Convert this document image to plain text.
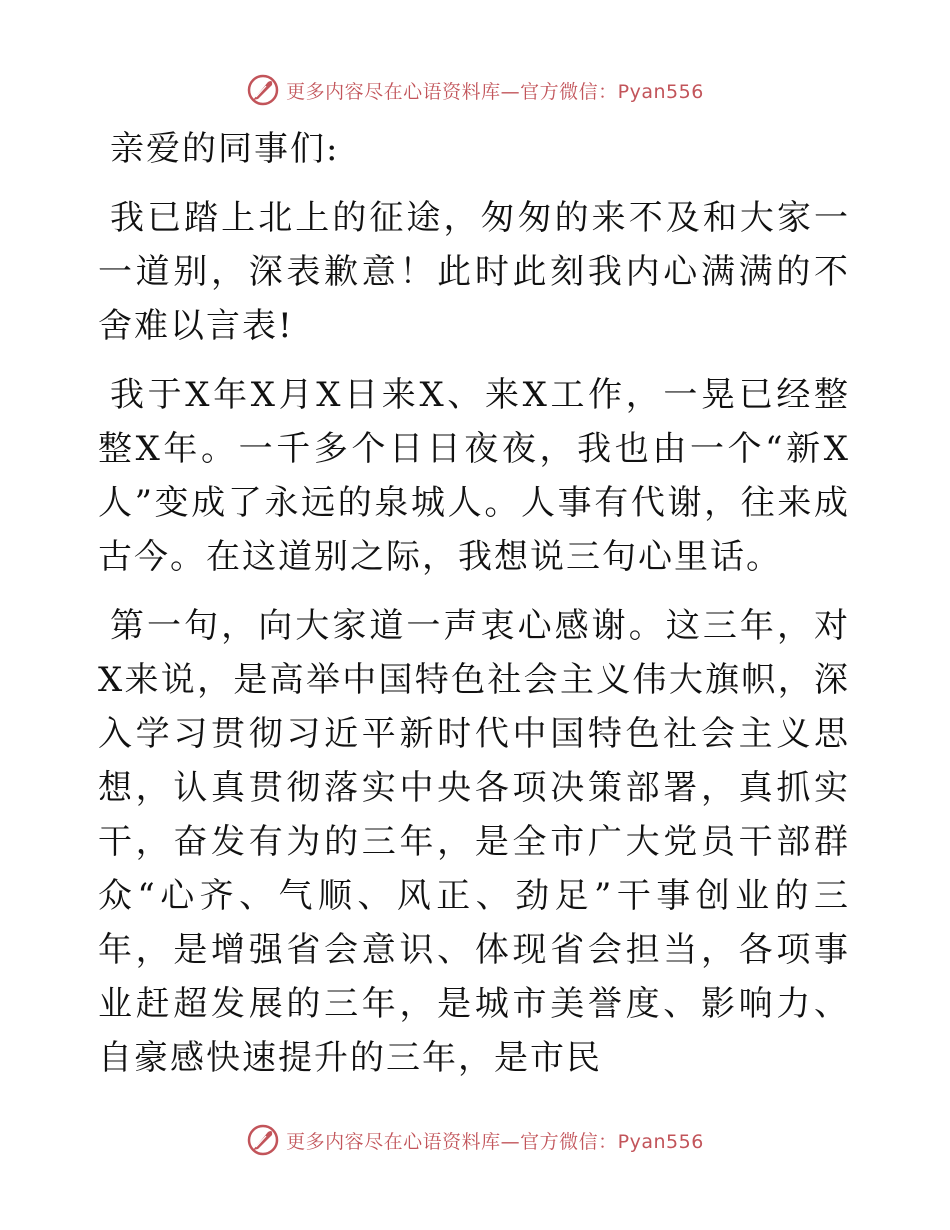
更多内容尽在心语资料库—官方微信：Pyan556

亲爱的同事们:

我已踏上北上的征途，匆匆的来不及和大家一一道别，深表歉意！此时此刻我内心满满的不舍难以言表!

我于X年X月X日来X、来X工作，一晃已经整整X年。一千多个日日夜夜，我也由一个“新X人”变成了永远的泉城人。人事有代谢，往来成古今。在这道别之际，我想说三句心里话。

第一句，向大家道一声衷心感谢。这三年，对X来说，是高举中国特色社会主义伟大旗帜，深入学习贯彻习近平新时代中国特色社会主义思想，认真贯彻落实中央各项决策部署，真抓实干，奋发有为的三年，是全市广大党员干部群众“心齐、气顺、风正、劲足”干事创业的三年，是增强省会意识、体现省会担当，各项事业赶超发展的三年，是城市美誉度、影响力、自豪感快速提升的三年，是市民

更多内容尽在心语资料库—官方微信：Pyan556
